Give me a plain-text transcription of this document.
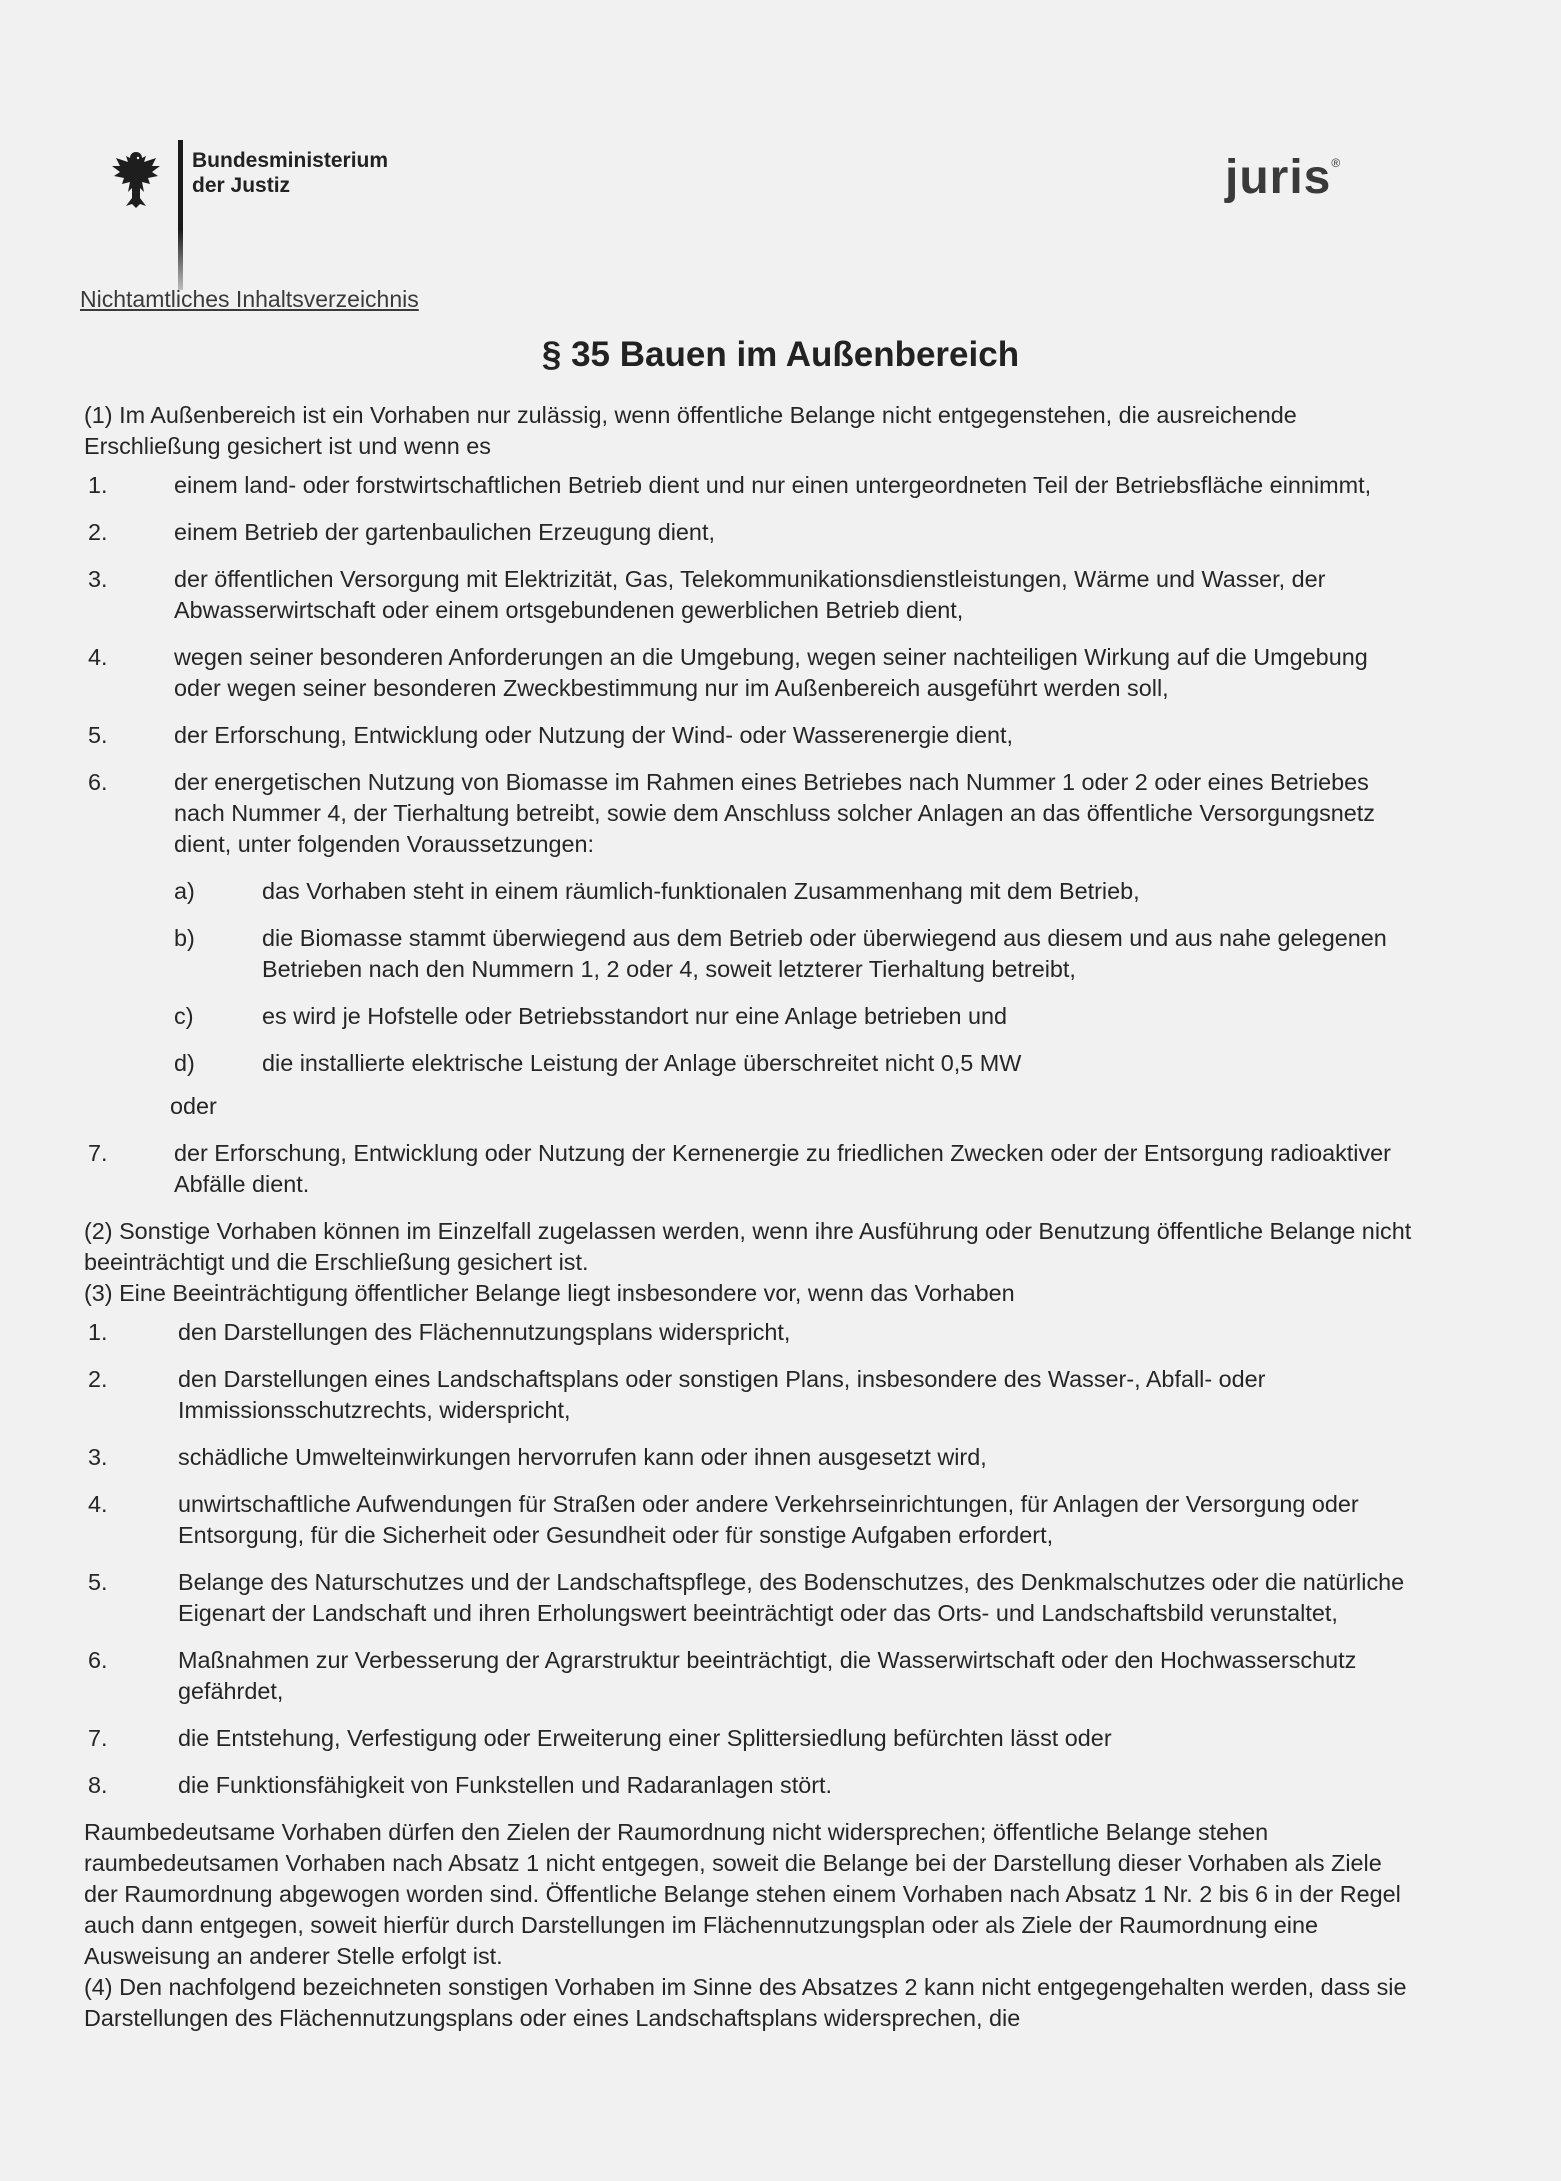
Bundesministerium
der Justiz	juris®
Nichtamtliches Inhaltsverzeichnis
§ 35 Bauen im Außenbereich

(1) Im Außenbereich ist ein Vorhaben nur zulässig, wenn öffentliche Belange nicht entgegenstehen, die ausreichende Erschließung gesichert ist und wenn es

1.	einem land- oder forstwirtschaftlichen Betrieb dient und nur einen untergeordneten Teil der Betriebsfläche einnimmt,
2.	einem Betrieb der gartenbaulichen Erzeugung dient,
3.	der öffentlichen Versorgung mit Elektrizität, Gas, Telekommunikationsdienstleistungen, Wärme und Wasser, der Abwasserwirtschaft oder einem ortsgebundenen gewerblichen Betrieb dient,
4.	wegen seiner besonderen Anforderungen an die Umgebung, wegen seiner nachteiligen Wirkung auf die Umgebung oder wegen seiner besonderen Zweckbestimmung nur im Außenbereich ausgeführt werden soll,
5.	der Erforschung, Entwicklung oder Nutzung der Wind- oder Wasserenergie dient,
6.	der energetischen Nutzung von Biomasse im Rahmen eines Betriebes nach Nummer 1 oder 2 oder eines Betriebes nach Nummer 4, der Tierhaltung betreibt, sowie dem Anschluss solcher Anlagen an das öffentliche Versorgungsnetz dient, unter folgenden Voraussetzungen:
a)	das Vorhaben steht in einem räumlich-funktionalen Zusammenhang mit dem Betrieb,
b)	die Biomasse stammt überwiegend aus dem Betrieb oder überwiegend aus diesem und aus nahe gelegenen Betrieben nach den Nummern 1, 2 oder 4, soweit letzterer Tierhaltung betreibt,
c)	es wird je Hofstelle oder Betriebsstandort nur eine Anlage betrieben und
d)	die installierte elektrische Leistung der Anlage überschreitet nicht 0,5 MW
oder
7.	der Erforschung, Entwicklung oder Nutzung der Kernenergie zu friedlichen Zwecken oder der Entsorgung radioaktiver Abfälle dient.

(2) Sonstige Vorhaben können im Einzelfall zugelassen werden, wenn ihre Ausführung oder Benutzung öffentliche Belange nicht beeinträchtigt und die Erschließung gesichert ist.

(3) Eine Beeinträchtigung öffentlicher Belange liegt insbesondere vor, wenn das Vorhaben

1.	den Darstellungen des Flächennutzungsplans widerspricht,
2.	den Darstellungen eines Landschaftsplans oder sonstigen Plans, insbesondere des Wasser-, Abfall- oder Immissionsschutzrechts, widerspricht,
3.	schädliche Umwelteinwirkungen hervorrufen kann oder ihnen ausgesetzt wird,
4.	unwirtschaftliche Aufwendungen für Straßen oder andere Verkehrseinrichtungen, für Anlagen der Versorgung oder Entsorgung, für die Sicherheit oder Gesundheit oder für sonstige Aufgaben erfordert,
5.	Belange des Naturschutzes und der Landschaftspflege, des Bodenschutzes, des Denkmalschutzes oder die natürliche Eigenart der Landschaft und ihren Erholungswert beeinträchtigt oder das Orts- und Landschaftsbild verunstaltet,
6.	Maßnahmen zur Verbesserung der Agrarstruktur beeinträchtigt, die Wasserwirtschaft oder den Hochwasserschutz gefährdet,
7.	die Entstehung, Verfestigung oder Erweiterung einer Splittersiedlung befürchten lässt oder
8.	die Funktionsfähigkeit von Funkstellen und Radaranlagen stört.

Raumbedeutsame Vorhaben dürfen den Zielen der Raumordnung nicht widersprechen; öffentliche Belange stehen raumbedeutsamen Vorhaben nach Absatz 1 nicht entgegen, soweit die Belange bei der Darstellung dieser Vorhaben als Ziele der Raumordnung abgewogen worden sind. Öffentliche Belange stehen einem Vorhaben nach Absatz 1 Nr. 2 bis 6 in der Regel auch dann entgegen, soweit hierfür durch Darstellungen im Flächennutzungsplan oder als Ziele der Raumordnung eine Ausweisung an anderer Stelle erfolgt ist.

(4) Den nachfolgend bezeichneten sonstigen Vorhaben im Sinne des Absatzes 2 kann nicht entgegengehalten werden, dass sie Darstellungen des Flächennutzungsplans oder eines Landschaftsplans widersprechen, die
